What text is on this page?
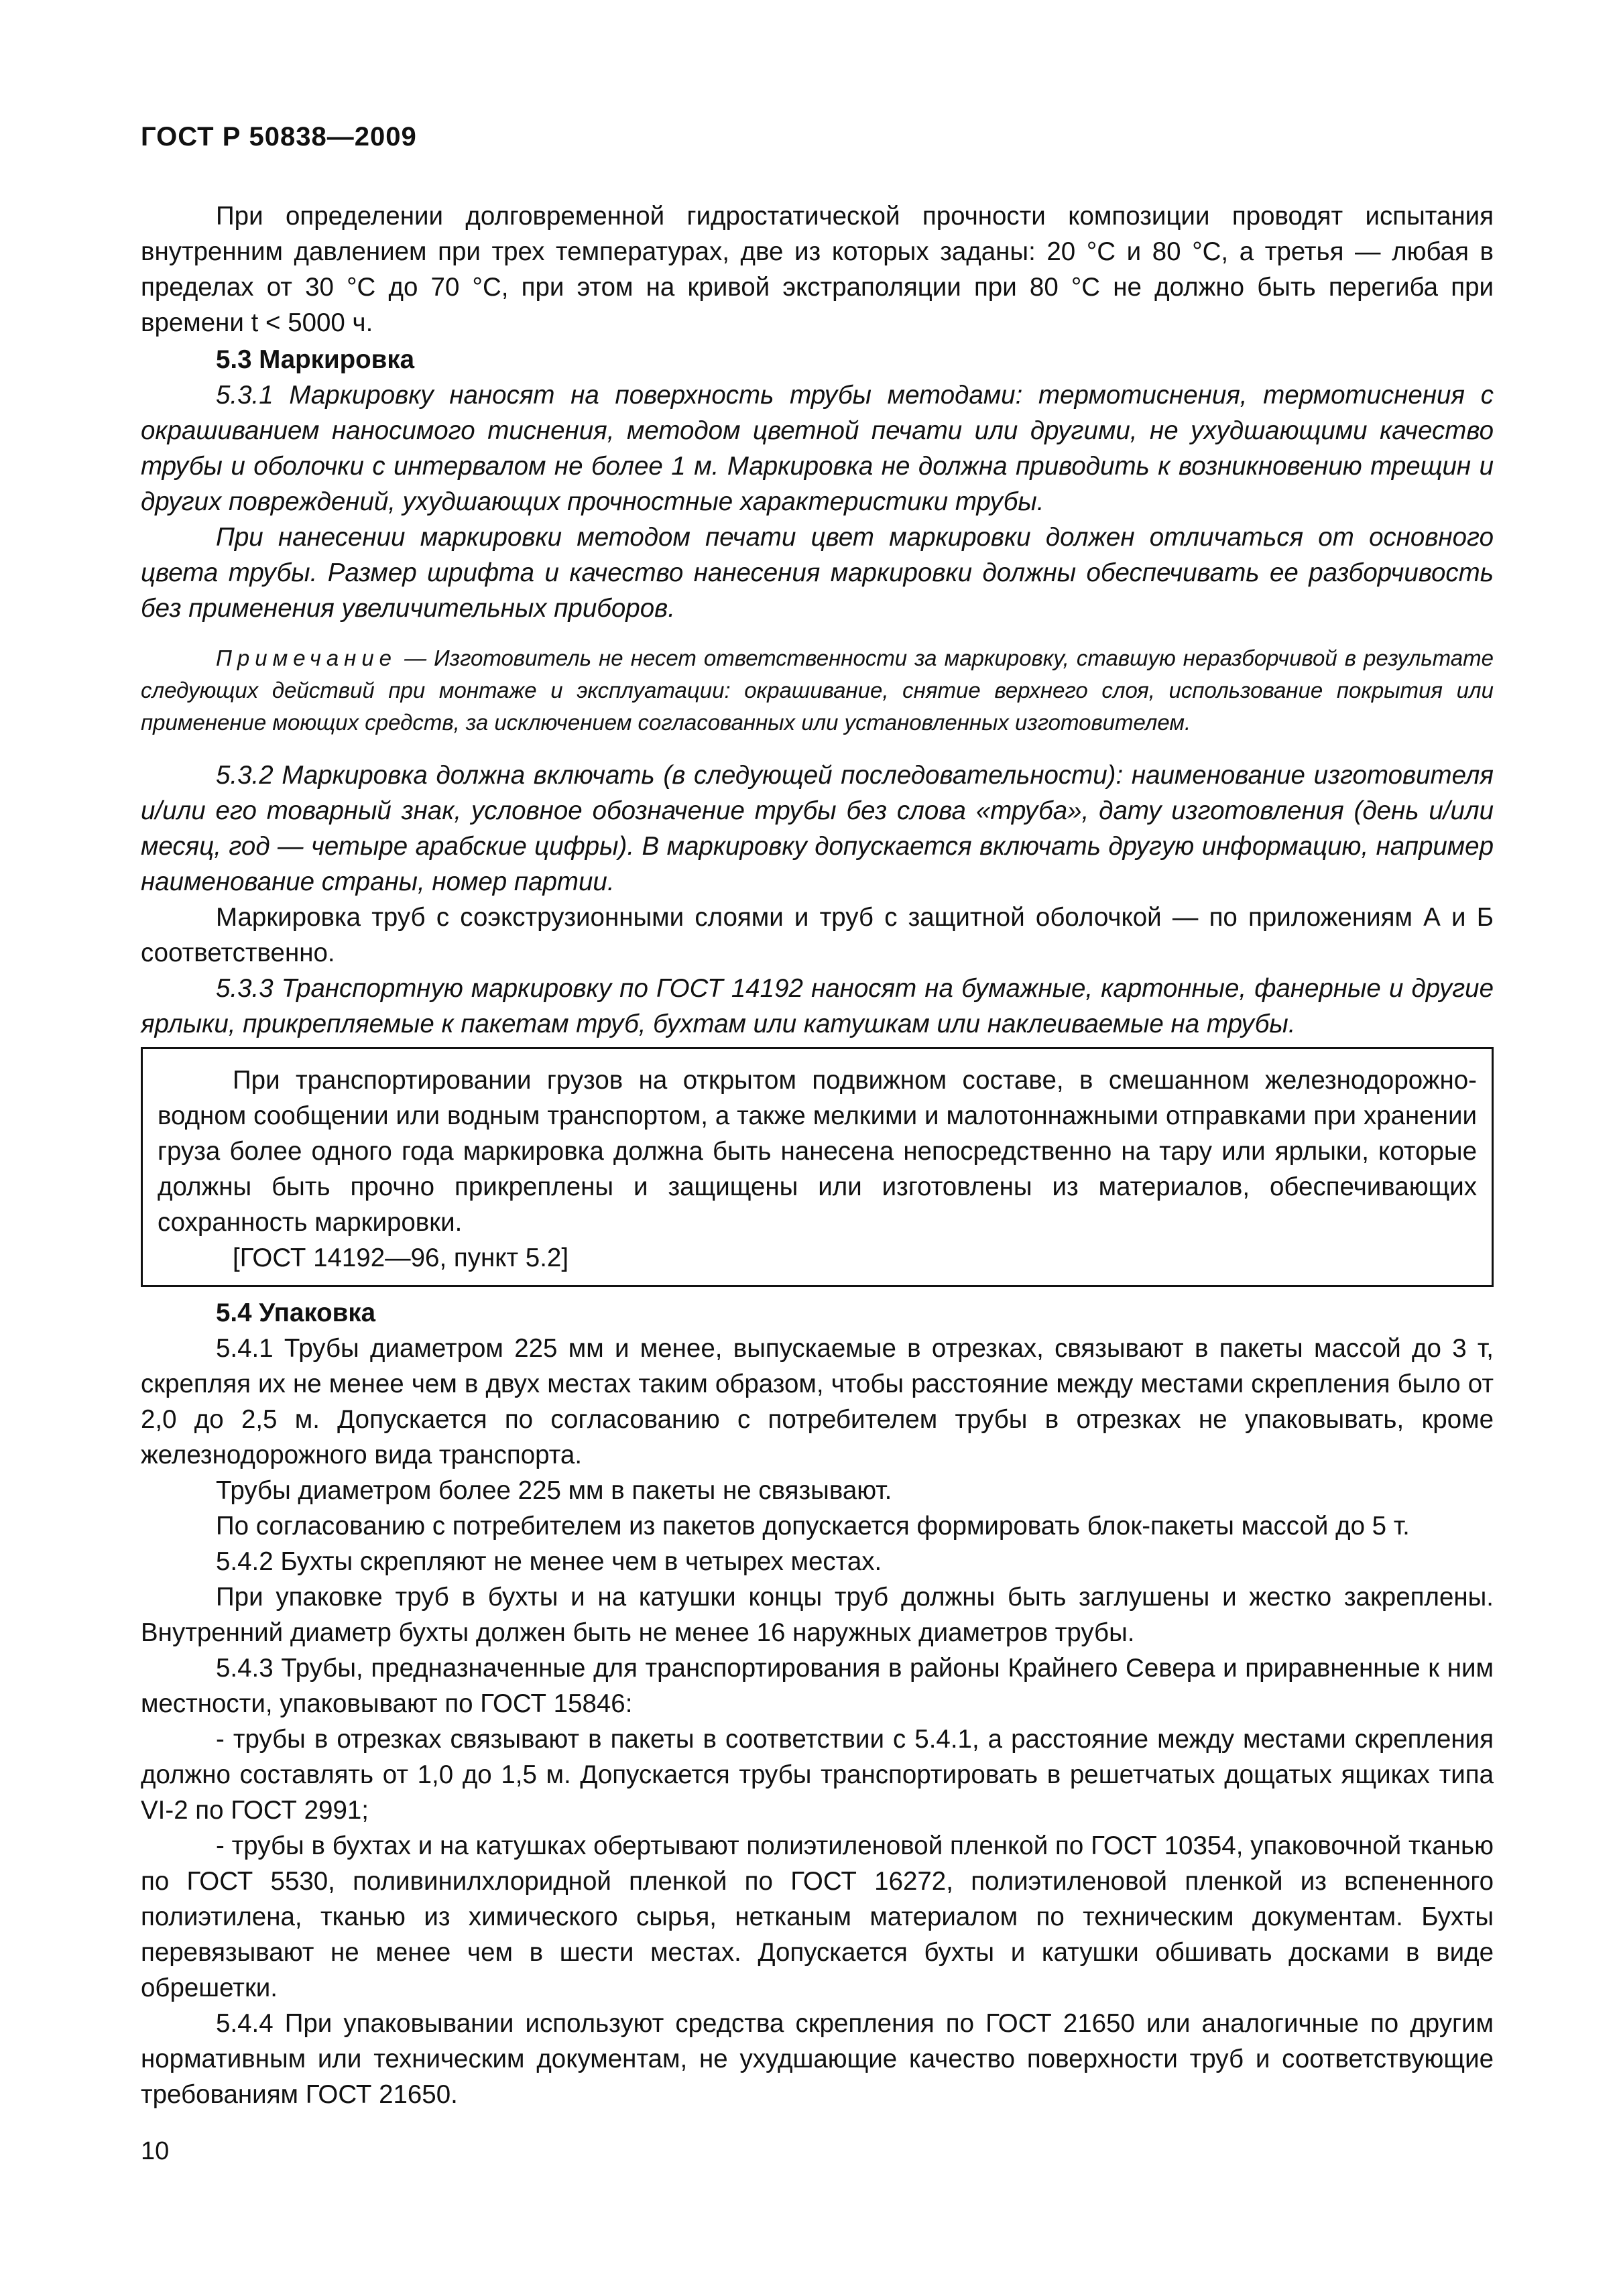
ГОСТ Р 50838—2009

При определении долговременной гидростатической прочности композиции проводят испытания внутренним давлением при трех температурах, две из которых заданы: 20 °С и 80 °С, а третья — любая в пределах от 30 °С до 70 °С, при этом на кривой экстраполяции при 80 °С не должно быть перегиба при времени t < 5000 ч.

5.3 Маркировка

5.3.1 Маркировку наносят на поверхность трубы методами: термотиснения, термотиснения с окрашиванием наносимого тиснения, методом цветной печати или другими, не ухудшающими качество трубы и оболочки с интервалом не более 1 м. Маркировка не должна приводить к возникновению трещин и других повреждений, ухудшающих прочностные характеристики трубы.

При нанесении маркировки методом печати цвет маркировки должен отличаться от основного цвета трубы. Размер шрифта и качество нанесения маркировки должны обеспечивать ее разборчивость без применения увеличительных приборов.

Примечание — Изготовитель не несет ответственности за маркировку, ставшую неразборчивой в результате следующих действий при монтаже и эксплуатации: окрашивание, снятие верхнего слоя, использование покрытия или применение моющих средств, за исключением согласованных или установленных изготовителем.

5.3.2 Маркировка должна включать (в следующей последовательности): наименование изготовителя и/или его товарный знак, условное обозначение трубы без слова «труба», дату изготовления (день и/или месяц, год — четыре арабские цифры). В маркировку допускается включать другую информацию, например наименование страны, номер партии.

Маркировка труб с соэкструзионными слоями и труб с защитной оболочкой — по приложениям А и Б соответственно.

5.3.3 Транспортную маркировку по ГОСТ 14192 наносят на бумажные, картонные, фанерные и другие ярлыки, прикрепляемые к пакетам труб, бухтам или катушкам или наклеиваемые на трубы.

При транспортировании грузов на открытом подвижном составе, в смешанном железнодорожно-водном сообщении или водным транспортом, а также мелкими и малотоннажными отправками при хранении груза более одного года маркировка должна быть нанесена непосредственно на тару или ярлыки, которые должны быть прочно прикреплены и защищены или изготовлены из материалов, обеспечивающих сохранность маркировки.

[ГОСТ 14192—96, пункт 5.2]

5.4 Упаковка

5.4.1 Трубы диаметром 225 мм и менее, выпускаемые в отрезках, связывают в пакеты массой до 3 т, скрепляя их не менее чем в двух местах таким образом, чтобы расстояние между местами скрепления было от 2,0 до 2,5 м. Допускается по согласованию с потребителем трубы в отрезках не упаковывать, кроме железнодорожного вида транспорта.

Трубы диаметром более 225 мм в пакеты не связывают.

По согласованию с потребителем из пакетов допускается формировать блок-пакеты массой до 5 т.

5.4.2 Бухты скрепляют не менее чем в четырех местах.

При упаковке труб в бухты и на катушки концы труб должны быть заглушены и жестко закреплены. Внутренний диаметр бухты должен быть не менее 16 наружных диаметров трубы.

5.4.3 Трубы, предназначенные для транспортирования в районы Крайнего Севера и приравненные к ним местности, упаковывают по ГОСТ 15846:

- трубы в отрезках связывают в пакеты в соответствии с 5.4.1, а расстояние между местами скрепления должно составлять от 1,0 до 1,5 м. Допускается трубы транспортировать в решетчатых дощатых ящиках типа VI-2 по ГОСТ 2991;

- трубы в бухтах и на катушках обертывают полиэтиленовой пленкой по ГОСТ 10354, упаковочной тканью по ГОСТ 5530, поливинилхлоридной пленкой по ГОСТ 16272, полиэтиленовой пленкой из вспененного полиэтилена, тканью из химического сырья, нетканым материалом по техническим документам. Бухты перевязывают не менее чем в шести местах. Допускается бухты и катушки обшивать досками в виде обрешетки.

5.4.4 При упаковывании используют средства скрепления по ГОСТ 21650 или аналогичные по другим нормативным или техническим документам, не ухудшающие качество поверхности труб и соответствующие требованиям ГОСТ 21650.

10
